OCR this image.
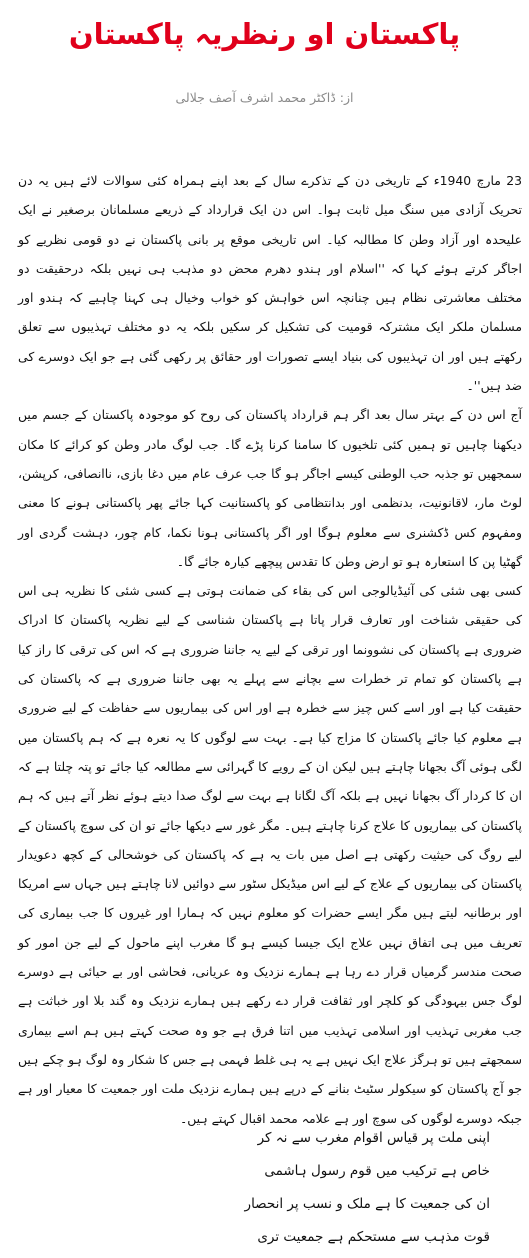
پاکستان او رنظریہ پاکستان
از: ڈاکٹر محمد اشرف آصف جلالی

23 مارچ 1940ء کے تاریخی دن کے تذکرے سال کے بعد اپنے ہمراہ کئی سوالات لائے ہیں یہ دن تحریک آزادی میں سنگ میل ثابت ہوا۔ اس دن ایک قرارداد کے ذریعے مسلمانان برصغیر نے ایک علیحدہ اور آزاد وطن کا مطالبہ کیا۔ اس تاریخی موقع پر بانی پاکستان نے دو قومی نظریے کو اجاگر کرتے ہوئے کہا کہ ''اسلام اور ہندو دھرم محض دو مذہب ہی نہیں بلکہ درحقیقت دو مختلف معاشرتی نظام ہیں چنانچہ اس خواہش کو خواب وخیال ہی کہنا چاہیے کہ ہندو اور مسلمان ملکر ایک مشترکہ قومیت کی تشکیل کر سکیں بلکہ یہ دو مختلف تہذیبوں سے تعلق رکھتے ہیں اور ان تہذیبوں کی بنیاد ایسے تصورات اور حقائق پر رکھی گئی ہے جو ایک دوسرے کی ضد ہیں''۔

آج اس دن کے بہتر سال بعد اگر ہم قرارداد پاکستان کی روح کو موجودہ پاکستان کے جسم میں دیکھنا چاہیں تو ہمیں کئی تلخیوں کا سامنا کرنا پڑے گا۔ جب لوگ مادر وطن کو کرائے کا مکان سمجھیں تو جذبہ حب الوطنی کیسے اجاگر ہو گا جب عرف عام میں دغا بازی، ناانصافی، کرپشن، لوٹ مار، لاقانونیت، بدنظمی اور بدانتظامی کو پاکستانیت کہا جائے پھر پاکستانی ہونے کا معنی ومفہوم کس ڈکشنری سے معلوم ہوگا اور اگر پاکستانی ہونا نکما، کام چور، دہشت گردی اور گھٹیا پن کا استعارہ ہو تو ارض وطن کا تقدس پیچھے کیارہ جائے گا۔

کسی بھی شئی کی آئیڈیالوجی اس کی بقاء کی ضمانت ہوتی ہے کسی شئی کا نظریہ ہی اس کی حقیقی شناخت اور تعارف قرار پاتا ہے پاکستان شناسی کے لیے نظریہ پاکستان کا ادراک ضروری ہے پاکستان کی نشوونما اور ترقی کے لیے یہ جاننا ضروری ہے کہ اس کی ترقی کا راز کیا ہے پاکستان کو تمام تر خطرات سے بچانے سے پہلے یہ بھی جاننا ضروری ہے کہ پاکستان کی حقیقت کیا ہے اور اسے کس چیز سے خطرہ ہے اور اس کی بیماریوں سے حفاظت کے لیے ضروری ہے معلوم کیا جائے پاکستان کا مزاج کیا ہے۔ بہت سے لوگوں کا یہ نعرہ ہے کہ ہم پاکستان میں لگی ہوئی آگ بجھانا چاہتے ہیں لیکن ان کے رویے کا گہرائی سے مطالعہ کیا جائے تو پتہ چلتا ہے کہ ان کا کردار آگ بجھانا نہیں ہے بلکہ آگ لگانا ہے بہت سے لوگ صدا دیتے ہوئے نظر آتے ہیں کہ ہم پاکستان کی بیماریوں کا علاج کرنا چاہتے ہیں۔ مگر غور سے دیکھا جائے تو ان کی سوچ پاکستان کے لیے روگ کی حیثیت رکھتی ہے اصل میں بات یہ ہے کہ پاکستان کی خوشحالی کے کچھ دعویدار پاکستان کی بیماریوں کے علاج کے لیے اس میڈیکل سٹور سے دوائیں لانا چاہتے ہیں جہاں سے امریکا اور برطانیہ لیتے ہیں مگر ایسے حضرات کو معلوم نہیں کہ ہمارا اور غیروں کا جب بیماری کی تعریف میں ہی اتفاق نہیں علاج ایک جیسا کیسے ہو گا مغرب اپنے ماحول کے لیے جن امور کو صحت مندسر گرمیاں قرار دے رہا ہے ہمارے نزدیک وہ عریانی، فحاشی اور بے حیائی ہے دوسرے لوگ جس بیہودگی کو کلچر اور ثقافت قرار دے رکھے ہیں ہمارے نزدیک وہ گند بلا اور خباثت ہے جب مغربی تہذیب اور اسلامی تہذیب میں اتنا فرق ہے جو وہ صحت کہتے ہیں ہم اسے بیماری سمجھتے ہیں تو ہرگز علاج ایک نہیں ہے یہ ہی غلط فہمی ہے جس کا شکار وہ لوگ ہو چکے ہیں جو آج پاکستان کو سیکولر سٹیٹ بنانے کے درپے ہیں ہمارے نزدیک ملت اور جمعیت کا معیار اور ہے جبکہ دوسرے لوگوں کی سوچ اور ہے علامہ محمد اقبال کہتے ہیں۔

اپنی ملت پر قیاس اقوام مغرب سے نہ کر
خاص ہے ترکیب میں قوم رسول ہاشمی
ان کی جمعیت کا ہے ملک و نسب پر انحصار
قوت مذہب سے مستحکم ہے جمعیت تری
